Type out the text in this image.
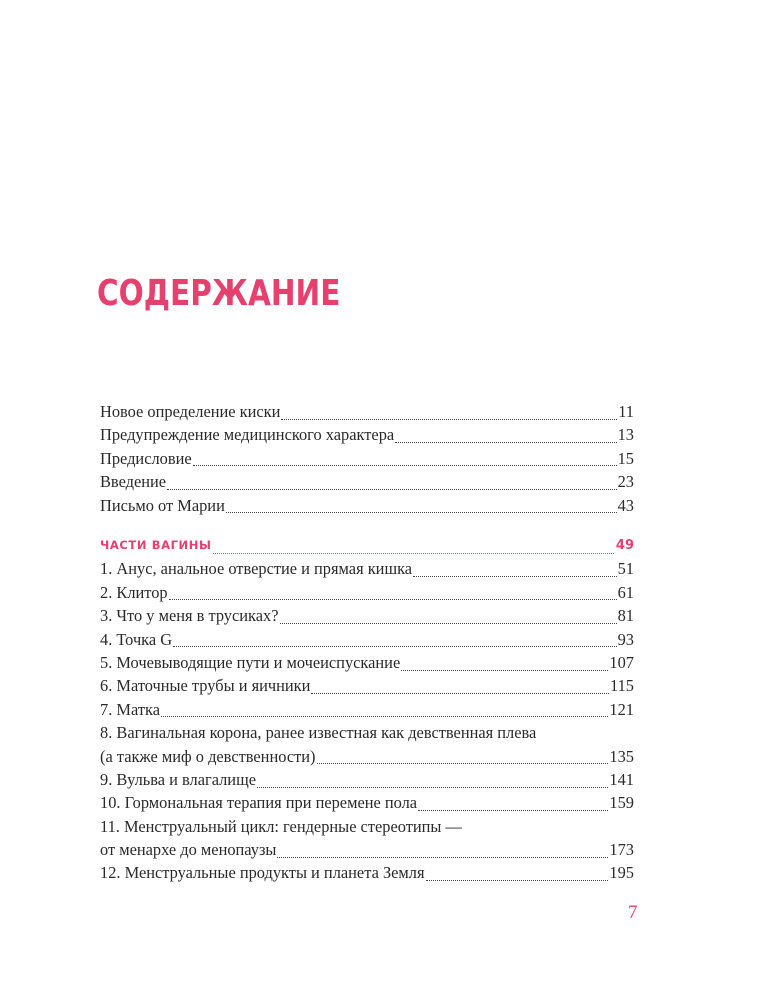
СОДЕРЖАНИЕ
Новое определение киски	11
Предупреждение медицинского характера	13
Предисловие	15
Введение	23
Письмо от Марии	43
ЧАСТИ ВАГИНЫ	49
1. Анус, анальное отверстие и прямая кишка	51
2. Клитор	61
3. Что у меня в трусиках?	81
4. Точка G	93
5. Мочевыводящие пути и мочеиспускание	107
6. Маточные трубы и яичники	115
7. Матка	121
8. Вагинальная корона, ранее известная как девственная плева
(а также миф о девственности)	135
9. Вульва и влагалище	141
10. Гормональная терапия при перемене пола	159
11. Менструальный цикл: гендерные стереотипы —
от менархе до менопаузы	173
12. Менструальные продукты и планета Земля	195
7
